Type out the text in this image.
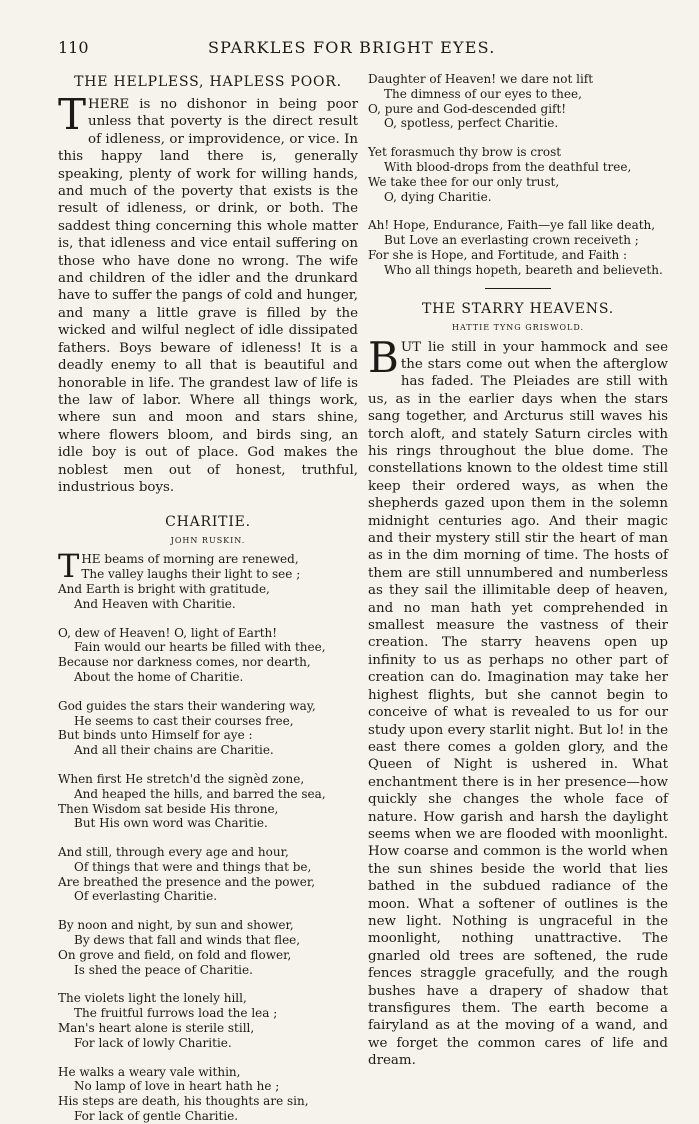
110	SPARKLES FOR BRIGHT EYES.
THE HELPLESS, HAPLESS POOR.

THERE is no dishonor in being poor unless that poverty is the direct result of idleness, or improvidence, or vice. In this happy land there is, generally speaking, plenty of work for willing hands, and much of the poverty that exists is the result of idleness, or drink, or both. The saddest thing concerning this whole matter is, that idleness and vice entail suffering on those who have done no wrong. The wife and children of the idler and the drunkard have to suffer the pangs of cold and hunger, and many a little grave is filled by the wicked and wilful neglect of idle dissipated fathers. Boys beware of idleness! It is a deadly enemy to all that is beautiful and honorable in life. The grandest law of life is the law of labor. Where all things work, where sun and moon and stars shine, where flowers bloom, and birds sing, an idle boy is out of place. God makes the noblest men out of honest, truthful, industrious boys.

CHARITIE.
JOHN RUSKIN.
THE beams of morning are renewed,
The valley laughs their light to see ;
And Earth is bright with gratitude,
And Heaven with Charitie.
O, dew of Heaven! O, light of Earth!
Fain would our hearts be filled with thee,
Because nor darkness comes, nor dearth,
About the home of Charitie.
God guides the stars their wandering way,
He seems to cast their courses free,
But binds unto Himself for aye :
And all their chains are Charitie.
When first He stretch'd the signèd zone,
And heaped the hills, and barred the sea,
Then Wisdom sat beside His throne,
But His own word was Charitie.
And still, through every age and hour,
Of things that were and things that be,
Are breathed the presence and the power,
Of everlasting Charitie.
By noon and night, by sun and shower,
By dews that fall and winds that flee,
On grove and field, on fold and flower,
Is shed the peace of Charitie.
The violets light the lonely hill,
The fruitful furrows load the lea ;
Man's heart alone is sterile still,
For lack of lowly Charitie.
He walks a weary vale within,
No lamp of love in heart hath he ;
His steps are death, his thoughts are sin,
For lack of gentle Charitie.
Daughter of Heaven! we dare not lift
The dimness of our eyes to thee,
O, pure and God-descended gift!
O, spotless, perfect Charitie.
Yet forasmuch thy brow is crost
With blood-drops from the deathful tree,
We take thee for our only trust,
O, dying Charitie.
Ah! Hope, Endurance, Faith—ye fall like death,
But Love an everlasting crown receiveth ;
For she is Hope, and Fortitude, and Faith :
Who all things hopeth, beareth and believeth.
THE STARRY HEAVENS.
HATTIE TYNG GRISWOLD.

BUT lie still in your hammock and see the stars come out when the afterglow has faded. The Pleiades are still with us, as in the earlier days when the stars sang together, and Arcturus still waves his torch aloft, and stately Saturn circles with his rings throughout the blue dome. The constellations known to the oldest time still keep their ordered ways, as when the shepherds gazed upon them in the solemn midnight centuries ago. And their magic and their mystery still stir the heart of man as in the dim morning of time. The hosts of them are still unnumbered and numberless as they sail the illimitable deep of heaven, and no man hath yet comprehended in smallest measure the vastness of their creation. The starry heavens open up infinity to us as perhaps no other part of creation can do. Imagination may take her highest flights, but she cannot begin to conceive of what is revealed to us for our study upon every starlit night. But lo! in the east there comes a golden glory, and the Queen of Night is ushered in. What enchantment there is in her presence—how quickly she changes the whole face of nature. How garish and harsh the daylight seems when we are flooded with moonlight. How coarse and common is the world when the sun shines beside the world that lies bathed in the subdued radiance of the moon. What a softener of outlines is the new light. Nothing is ungraceful in the moonlight, nothing unattractive. The gnarled old trees are softened, the rude fences straggle gracefully, and the rough bushes have a drapery of shadow that transfigures them. The earth become a fairyland as at the moving of a wand, and we forget the common cares of life and dream.
